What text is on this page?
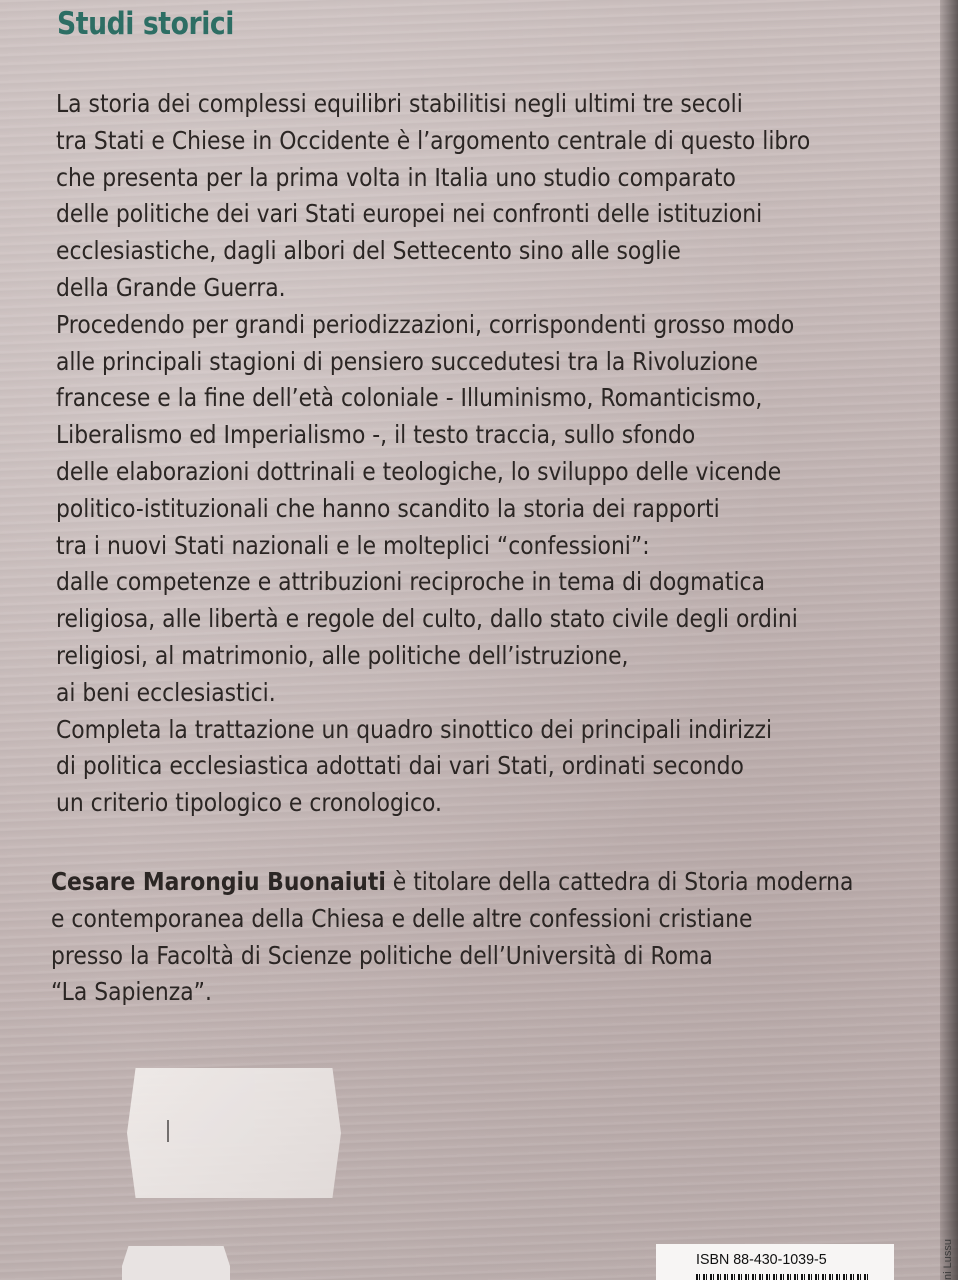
ni Lussu
Studi storici
La storia dei complessi equilibri stabilitisi negli ultimi tre secoli
tra Stati e Chiese in Occidente è l’argomento centrale di questo libro
che presenta per la prima volta in Italia uno studio comparato
delle politiche dei vari Stati europei nei confronti delle istituzioni
ecclesiastiche, dagli albori del Settecento sino alle soglie
della Grande Guerra.
Procedendo per grandi periodizzazioni, corrispondenti grosso modo
alle principali stagioni di pensiero succedutesi tra la Rivoluzione
francese e la fine dell’età coloniale - Illuminismo, Romanticismo,
Liberalismo ed Imperialismo -, il testo traccia, sullo sfondo
delle elaborazioni dottrinali e teologiche, lo sviluppo delle vicende
politico-istituzionali che hanno scandito la storia dei rapporti
tra i nuovi Stati nazionali e le molteplici “confessioni”:
dalle competenze e attribuzioni reciproche in tema di dogmatica
religiosa, alle libertà e regole del culto, dallo stato civile degli ordini
religiosi, al matrimonio, alle politiche dell’istruzione,
ai beni ecclesiastici.
Completa la trattazione un quadro sinottico dei principali indirizzi
di politica ecclesiastica adottati dai vari Stati, ordinati secondo
un criterio tipologico e cronologico.
Cesare Marongiu Buonaiuti è titolare della cattedra di Storia moderna
e contemporanea della Chiesa e delle altre confessioni cristiane
presso la Facoltà di Scienze politiche dell’Università di Roma
“La Sapienza”.
ISBN 88-430-1039-5
